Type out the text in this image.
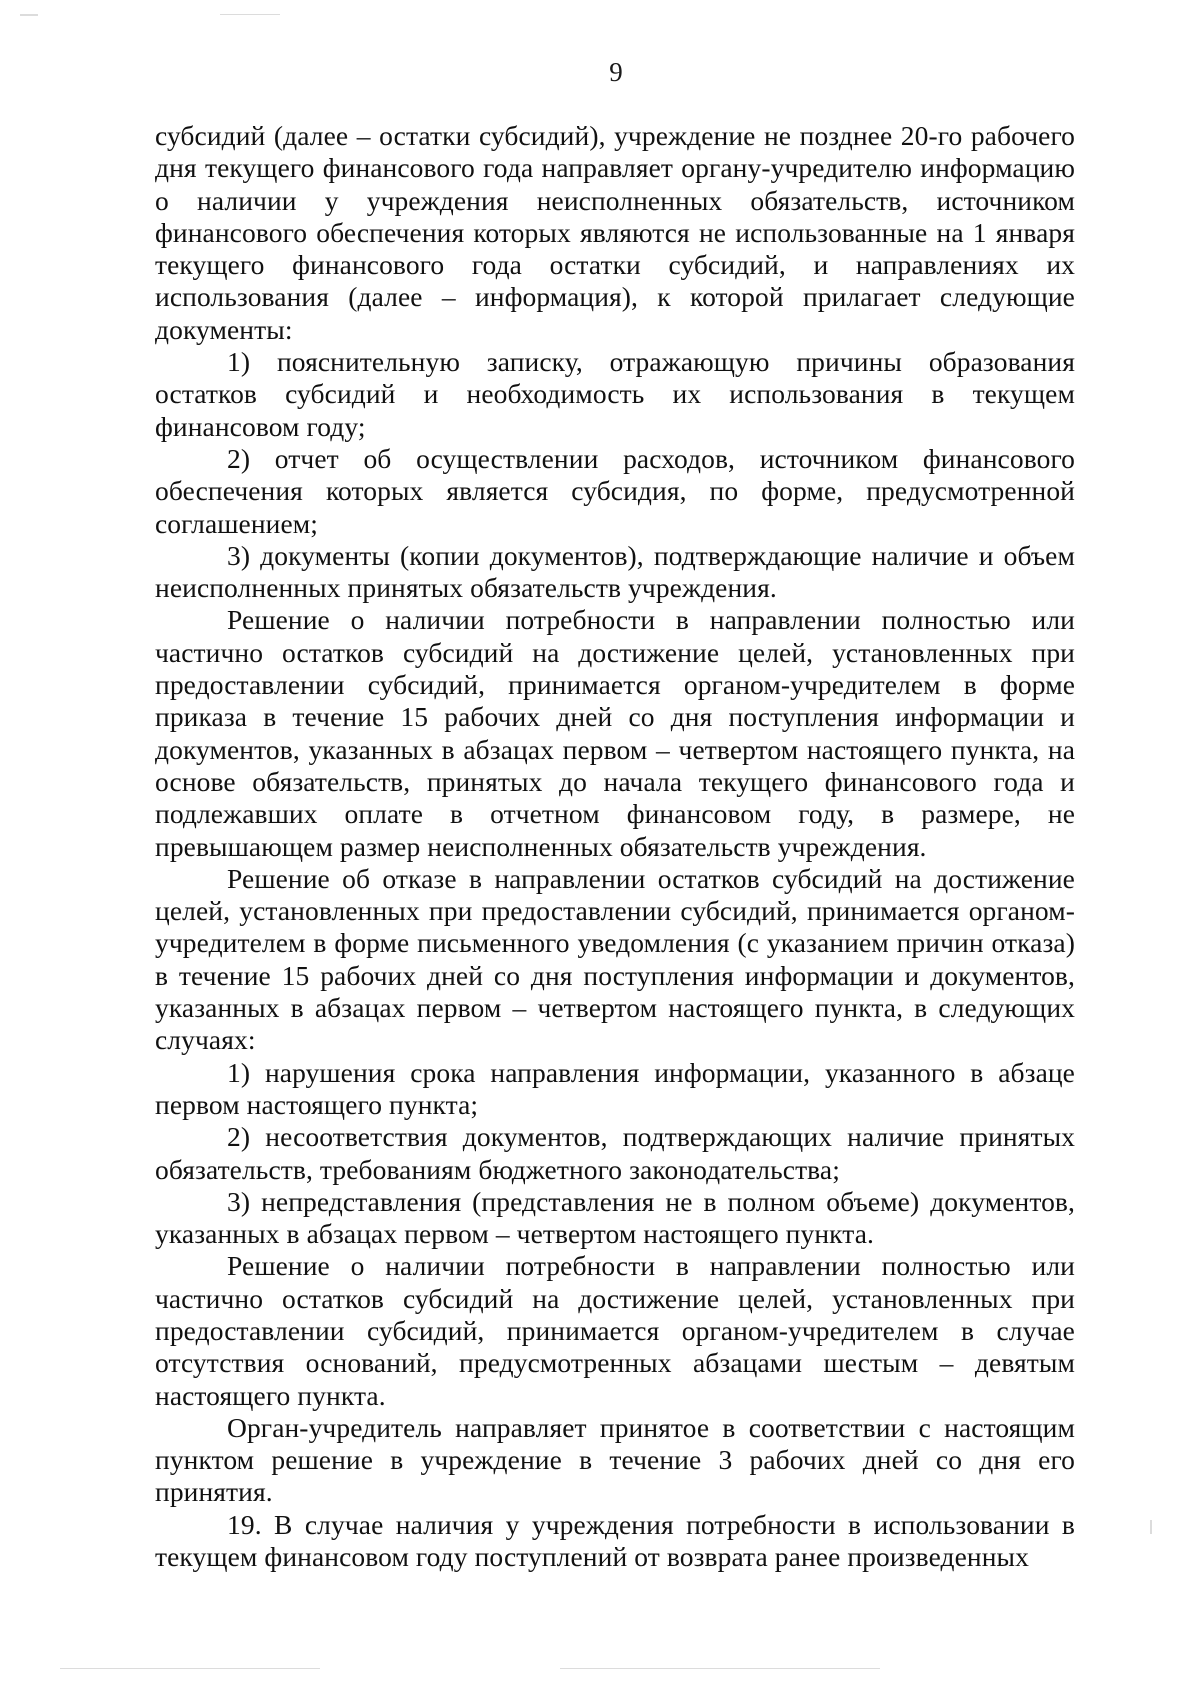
9

субсидий (далее – остатки субсидий), учреждение не позднее 20-го рабочего дня текущего финансового года направляет органу-учредителю информацию о наличии у учреждения неисполненных обязательств, источником финансового обеспечения которых являются не использованные на 1 января текущего финансового года остатки субсидий, и направлениях их использования (далее – информация), к которой прилагает следующие документы:

1) пояснительную записку, отражающую причины образования остатков субсидий и необходимость их использования в текущем финансовом году;

2) отчет об осуществлении расходов, источником финансового обеспечения которых является субсидия, по форме, предусмотренной соглашением;

3) документы (копии документов), подтверждающие наличие и объем неисполненных принятых обязательств учреждения.

Решение о наличии потребности в направлении полностью или частично остатков субсидий на достижение целей, установленных при предоставлении субсидий, принимается органом-учредителем в форме приказа в течение 15 рабочих дней со дня поступления информации и документов, указанных в абзацах первом – четвертом настоящего пункта, на основе обязательств, принятых до начала текущего финансового года и подлежавших оплате в отчетном финансовом году, в размере, не превышающем размер неисполненных обязательств учреждения.

Решение об отказе в направлении остатков субсидий на достижение целей, установленных при предоставлении субсидий, принимается органом-учредителем в форме письменного уведомления (с указанием причин отказа) в течение 15 рабочих дней со дня поступления информации и документов, указанных в абзацах первом – четвертом настоящего пункта, в следующих случаях:

1) нарушения срока направления информации, указанного в абзаце первом настоящего пункта;

2) несоответствия документов, подтверждающих наличие принятых обязательств, требованиям бюджетного законодательства;

3) непредставления (представления не в полном объеме) документов, указанных в абзацах первом – четвертом настоящего пункта.

Решение о наличии потребности в направлении полностью или частично остатков субсидий на достижение целей, установленных при предоставлении субсидий, принимается органом-учредителем в случае отсутствия оснований, предусмотренных абзацами шестым – девятым настоящего пункта.

Орган-учредитель направляет принятое в соответствии с настоящим пунктом решение в учреждение в течение 3 рабочих дней со дня его принятия.

19. В случае наличия у учреждения потребности в использовании в текущем финансовом году поступлений от возврата ранее произведенных
